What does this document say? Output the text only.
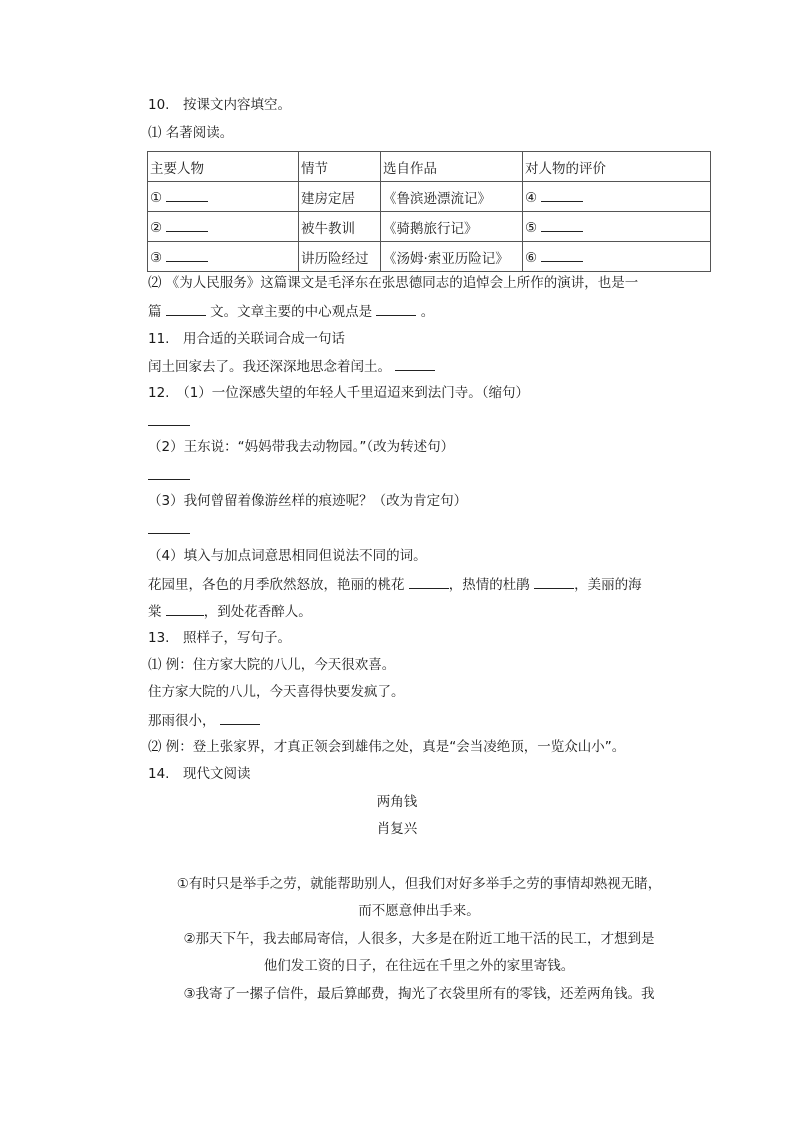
10.　按课文内容填空。
⑴ 名著阅读。
主要人物	情节	选自作品	对人物的评价
①	建房定居	《鲁滨逊漂流记》	④
②	被牛教训	《骑鹅旅行记》	⑤
③	讲历险经过	《汤姆·索亚历险记》	⑥
⑵ 《为人民服务》这篇课文是毛泽东在张思德同志的追悼会上所作的演讲，也是一
篇	文。文章主要的中心观点是	。
11.　用合适的关联词合成一句话
闰土回家去了。我还深深地思念着闰土。
12.　（1）一位深感失望的年轻人千里迢迢来到法门寺。（缩句）
（2）王东说：“妈妈带我去动物园。”（改为转述句）
（3）我何曾留着像游丝样的痕迹呢？（改为肯定句）
（4）填入与加点词意思相同但说法不同的词。
花园里，各色的月季欣然怒放，艳丽的桃花	，热情的杜鹃	，美丽的海
棠	，到处花香醉人。
13.　照样子，写句子。
⑴ 例：住方家大院的八儿，今天很欢喜。
住方家大院的八儿，今天喜得快要发疯了。
那雨很小，
⑵ 例：登上张家界，才真正领会到雄伟之处，真是“会当凌绝顶，一览众山小”。
14.　现代文阅读
两角钱
肖复兴
①有时只是举手之劳，就能帮助别人，但我们对好多举手之劳的事情却熟视无睹，
而不愿意伸出手来。
②那天下午，我去邮局寄信，人很多，大多是在附近工地干活的民工，才想到是
他们发工资的日子，在往远在千里之外的家里寄钱。
③我寄了一摞子信件，最后算邮费，掏光了衣袋里所有的零钱，还差两角钱。我
